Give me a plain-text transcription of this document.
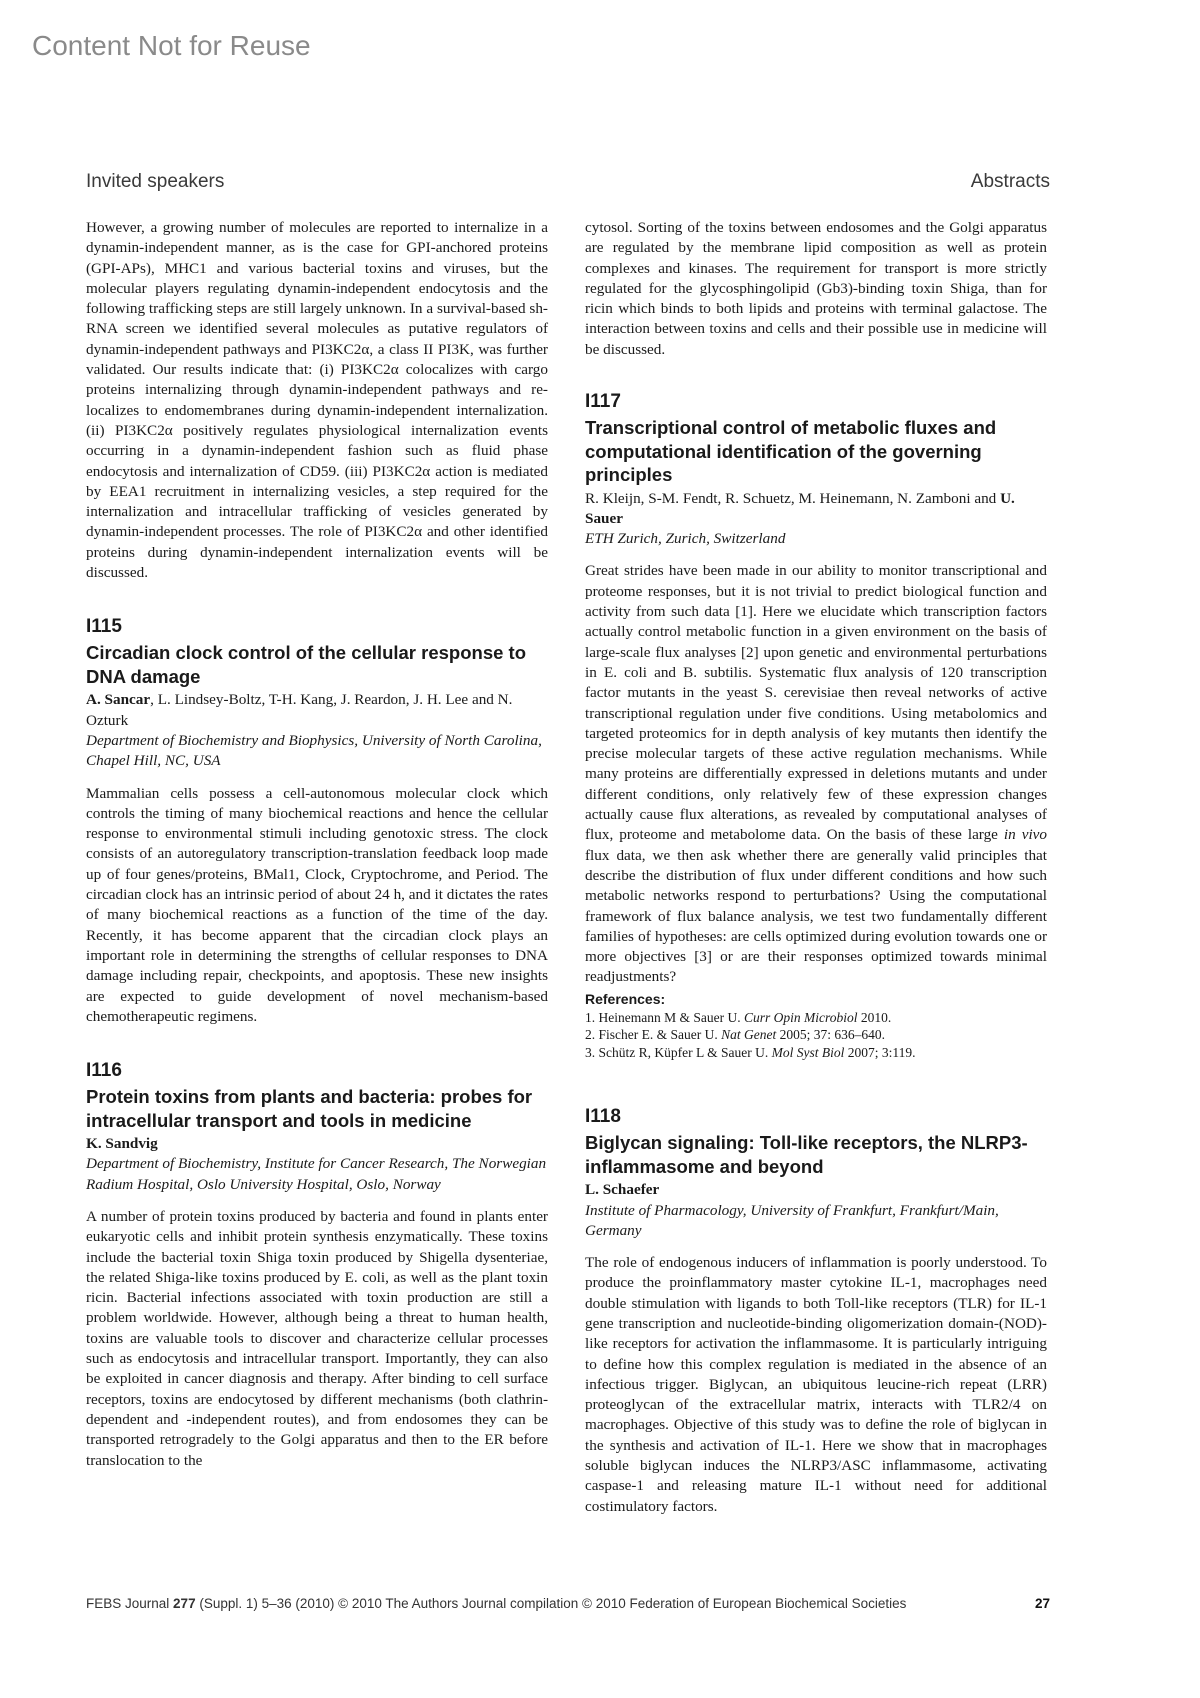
Content Not for Reuse
Invited speakers	Abstracts

However, a growing number of molecules are reported to internalize in a dynamin-independent manner, as is the case for GPI-anchored proteins (GPI-APs), MHC1 and various bacterial toxins and viruses, but the molecular players regulating dynamin-independent endocytosis and the following trafficking steps are still largely unknown. In a survival-based sh-RNA screen we identified several molecules as putative regulators of dynamin-independent pathways and PI3KC2α, a class II PI3K, was further validated. Our results indicate that: (i) PI3KC2α colocalizes with cargo proteins internalizing through dynamin-independent pathways and re-localizes to endomembranes during dynamin-independent internalization. (ii) PI3KC2α positively regulates physiological internalization events occurring in a dynamin-independent fashion such as fluid phase endocytosis and internalization of CD59. (iii) PI3KC2α action is mediated by EEA1 recruitment in internalizing vesicles, a step required for the internalization and intracellular trafficking of vesicles generated by dynamin-independent processes. The role of PI3KC2α and other identified proteins during dynamin-independent internalization events will be discussed.

I115
Circadian clock control of the cellular response to DNA damage

A. Sancar, L. Lindsey-Boltz, T-H. Kang, J. Reardon, J. H. Lee and N. Ozturk

Department of Biochemistry and Biophysics, University of North Carolina, Chapel Hill, NC, USA

Mammalian cells possess a cell-autonomous molecular clock which controls the timing of many biochemical reactions and hence the cellular response to environmental stimuli including genotoxic stress. The clock consists of an autoregulatory transcription-translation feedback loop made up of four genes/proteins, BMal1, Clock, Cryptochrome, and Period. The circadian clock has an intrinsic period of about 24 h, and it dictates the rates of many biochemical reactions as a function of the time of the day. Recently, it has become apparent that the circadian clock plays an important role in determining the strengths of cellular responses to DNA damage including repair, checkpoints, and apoptosis. These new insights are expected to guide development of novel mechanism-based chemotherapeutic regimens.

I116
Protein toxins from plants and bacteria: probes for intracellular transport and tools in medicine

K. Sandvig

Department of Biochemistry, Institute for Cancer Research, The Norwegian Radium Hospital, Oslo University Hospital, Oslo, Norway

A number of protein toxins produced by bacteria and found in plants enter eukaryotic cells and inhibit protein synthesis enzymatically. These toxins include the bacterial toxin Shiga toxin produced by Shigella dysenteriae, the related Shiga-like toxins produced by E. coli, as well as the plant toxin ricin. Bacterial infections associated with toxin production are still a problem worldwide. However, although being a threat to human health, toxins are valuable tools to discover and characterize cellular processes such as endocytosis and intracellular transport. Importantly, they can also be exploited in cancer diagnosis and therapy. After binding to cell surface receptors, toxins are endocytosed by different mechanisms (both clathrin-dependent and -independent routes), and from endosomes they can be transported retrogradely to the Golgi apparatus and then to the ER before translocation to the

cytosol. Sorting of the toxins between endosomes and the Golgi apparatus are regulated by the membrane lipid composition as well as protein complexes and kinases. The requirement for transport is more strictly regulated for the glycosphingolipid (Gb3)-binding toxin Shiga, than for ricin which binds to both lipids and proteins with terminal galactose. The interaction between toxins and cells and their possible use in medicine will be discussed.

I117
Transcriptional control of metabolic fluxes and computational identification of the governing principles

R. Kleijn, S-M. Fendt, R. Schuetz, M. Heinemann, N. Zamboni and U. Sauer

ETH Zurich, Zurich, Switzerland

Great strides have been made in our ability to monitor transcriptional and proteome responses, but it is not trivial to predict biological function and activity from such data [1]. Here we elucidate which transcription factors actually control metabolic function in a given environment on the basis of large-scale flux analyses [2] upon genetic and environmental perturbations in E. coli and B. subtilis. Systematic flux analysis of 120 transcription factor mutants in the yeast S. cerevisiae then reveal networks of active transcriptional regulation under five conditions. Using metabolomics and targeted proteomics for in depth analysis of key mutants then identify the precise molecular targets of these active regulation mechanisms. While many proteins are differentially expressed in deletions mutants and under different conditions, only relatively few of these expression changes actually cause flux alterations, as revealed by computational analyses of flux, proteome and metabolome data. On the basis of these large in vivo flux data, we then ask whether there are generally valid principles that describe the distribution of flux under different conditions and how such metabolic networks respond to perturbations? Using the computational framework of flux balance analysis, we test two fundamentally different families of hypotheses: are cells optimized during evolution towards one or more objectives [3] or are their responses optimized towards minimal readjustments?

References:

1. Heinemann M & Sauer U. Curr Opin Microbiol 2010.

2. Fischer E. & Sauer U. Nat Genet 2005; 37: 636–640.

3. Schütz R, Küpfer L & Sauer U. Mol Syst Biol 2007; 3:119.

I118
Biglycan signaling: Toll-like receptors, the NLRP3-inflammasome and beyond

L. Schaefer

Institute of Pharmacology, University of Frankfurt, Frankfurt/Main, Germany

The role of endogenous inducers of inflammation is poorly understood. To produce the proinflammatory master cytokine IL-1, macrophages need double stimulation with ligands to both Toll-like receptors (TLR) for IL-1 gene transcription and nucleotide-binding oligomerization domain-(NOD)-like receptors for activation the inflammasome. It is particularly intriguing to define how this complex regulation is mediated in the absence of an infectious trigger. Biglycan, an ubiquitous leucine-rich repeat (LRR) proteoglycan of the extracellular matrix, interacts with TLR2/4 on macrophages. Objective of this study was to define the role of biglycan in the synthesis and activation of IL-1. Here we show that in macrophages soluble biglycan induces the NLRP3/ASC inflammasome, activating caspase-1 and releasing mature IL-1 without need for additional costimulatory factors.

FEBS Journal 277 (Suppl. 1) 5–36 (2010) © 2010 The Authors Journal compilation © 2010 Federation of European Biochemical Societies	27
